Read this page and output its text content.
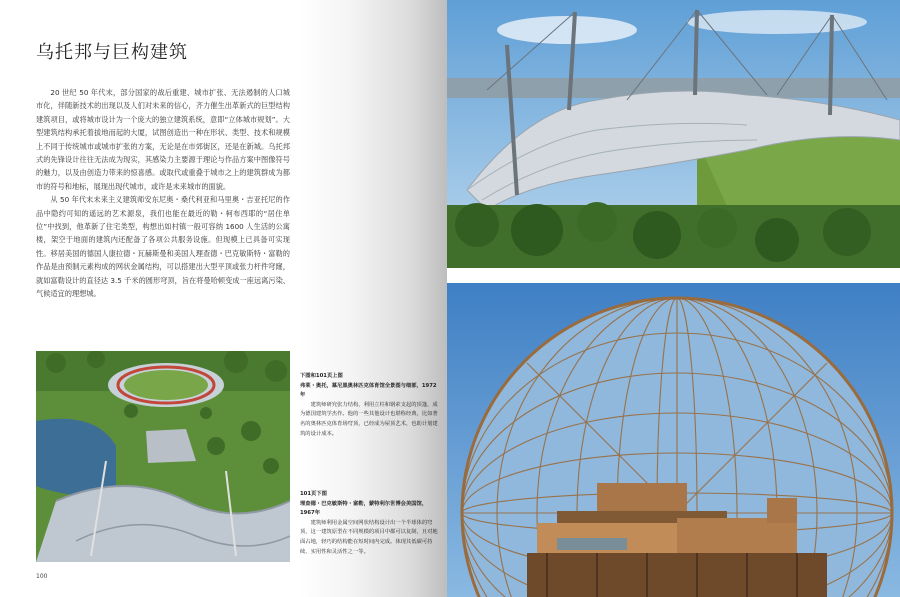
乌托邦与巨构建筑

20 世纪 50 年代末，部分国家的战后重建、城市扩张、无法遏制的人口城市化，伴随新技术的出现以及人们对未来的信心，齐力催生出革新式的巨型结构建筑项目，或将城市设计为一个庞大的独立建筑系统，意即“立体城市规划”。大型建筑结构承托着拔地而起的大厦，试图创造出一种在形状、类型、技术和规模上不同于传统城市或城市扩张的方案，无论是在市郊街区，还是在新城。乌托邦式的先锋设计往往无法成为现实，其感染力主要源于理论与作品方案中图像符号的魅力，以及由创造力带来的惊喜感。或取代或重叠于城市之上的建筑群成为都市的符号和地标，展现出现代城市，或许是未来城市的面貌。

从 50 年代末未来主义建筑师安东尼奥・桑代利亚和马里奥・吉亚托尼的作品中隐约可知的遥远的艺术源泉，我们也能在最近的勒・柯布西耶的“居住单位”中找到，他革新了住宅类型，构想出如村镇一般可容纳 1600 人生活的公寓楼，架空于地面的建筑内还配备了各项公共服务设施。但现模上已具备可实现性。移居美国的德国人康拉德・瓦赫斯曼和美国人理查德・巴克敏斯特・富勒的作品是由预制元素构成的网状金属结构，可以搭建出大型平顶或张力杆件穹窿，就如富勒设计的直径达 3.5 千米的圆形穹顶，旨在将曼哈顿变成一座远离污染、气候适宜的理想城。

下图和101页上图
弗莱・奥托，慕尼黑奥林匹克体育馆全景图与细部，1972年
建筑师研究张力结构，利用立柱和钢索支起的顶篷，成为德国建筑学杰作。他的一些其他设计也堪称经典，比如著名的奥林匹克体育场穹顶，已经成为屋顶艺术，也助计划建筑的设计成本。
101页下图
理查德・巴克敏斯特・富勒，蒙特利尔世博会美国馆，1967年
建筑师利用金属空间网状结构设计出一个半球体的穹顶，这一建筑原型在不同规模的项目中都可以复制，且对地面占地，轻巧的结构能在短时间内完成。体现其低碳可持续、实用性和灵活性之一等。
100
